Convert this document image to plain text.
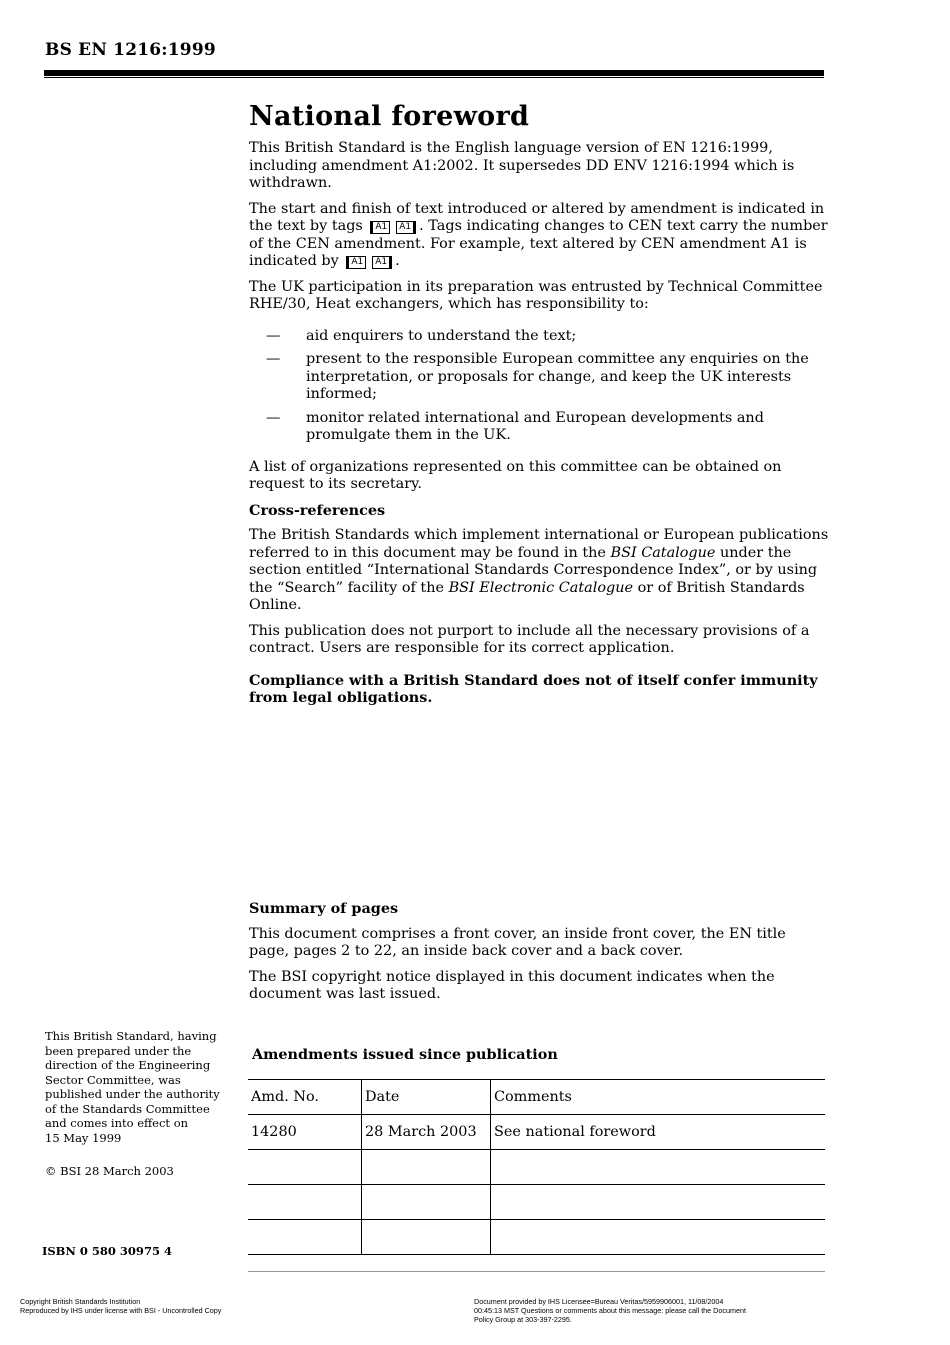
BS EN 1216:1999
National foreword

This British Standard is the English language version of EN 1216:1999, including amendment A1:2002. It supersedes DD ENV 1216:1994 which is withdrawn.

The start and finish of text introduced or altered by amendment is indicated in the text by tags A1 A1 . Tags indicating changes to CEN text carry the number of the CEN amendment. For example, text altered by CEN amendment A1 is indicated by A1 A1 .

The UK participation in its preparation was entrusted by Technical Committee RHE/30, Heat exchangers, which has responsibility to:

— aid enquirers to understand the text;
— present to the responsible European committee any enquiries on the interpretation, or proposals for change, and keep the UK interests informed;
— monitor related international and European developments and promulgate them in the UK.

A list of organizations represented on this committee can be obtained on request to its secretary.

Cross-references

The British Standards which implement international or European publications referred to in this document may be found in the BSI Catalogue under the section entitled “International Standards Correspondence Index”, or by using the “Search” facility of the BSI Electronic Catalogue or of British Standards Online.

This publication does not purport to include all the necessary provisions of a contract. Users are responsible for its correct application.

Compliance with a British Standard does not of itself confer immunity from legal obligations.

Summary of pages

This document comprises a front cover, an inside front cover, the EN title page, pages 2 to 22, an inside back cover and a back cover.

The BSI copyright notice displayed in this document indicates when the document was last issued.

This British Standard, having
been prepared under the
direction of the Engineering
Sector Committee, was
published under the authority
of the Standards Committee
and comes into effect on
15 May 1999
© BSI 28 March 2003
ISBN 0 580 30975 4
Amendments issued since publication
Amd. No.	Date	Comments
14280	28 March 2003	See national foreword

Copyright British Standards Institution
Reproduced by IHS under license with BSI - Uncontrolled Copy
Document provided by IHS Licensee=Bureau Veritas/5959906001, 11/08/2004
00:45:13 MST Questions or comments about this message: please call the Document
Policy Group at 303-397-2295.
